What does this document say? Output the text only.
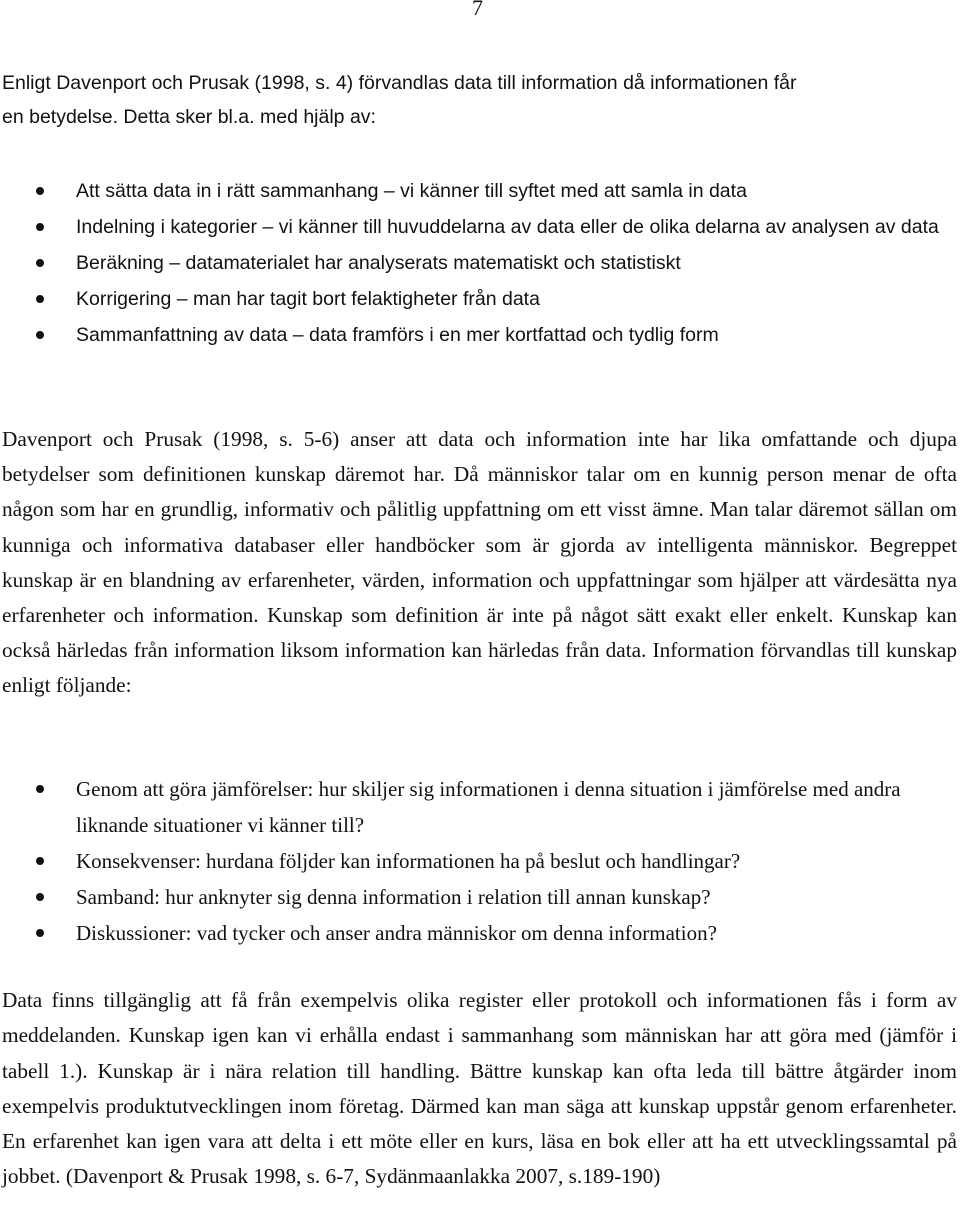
7
Enligt Davenport och Prusak (1998, s. 4) förvandlas data till information då informationen får
en betydelse. Detta sker bl.a. med hjälp av:
Att sätta data in i rätt sammanhang – vi känner till syftet med att samla in data
Indelning i kategorier – vi känner till huvuddelarna av data eller de olika delarna av analysen av data
Beräkning – datamaterialet har analyserats matematiskt och statistiskt
Korrigering – man har tagit bort felaktigheter från data
Sammanfattning av data – data framförs i en mer kortfattad och tydlig form

Davenport och Prusak (1998, s. 5-6) anser att data och information inte har lika omfattande och djupa betydelser som definitionen kunskap däremot har. Då människor talar om en kunnig person menar de ofta någon som har en grundlig, informativ och pålitlig uppfattning om ett visst ämne. Man talar däremot sällan om kunniga och informativa databaser eller handböcker som är gjorda av intelligenta människor. Begreppet kunskap är en blandning av erfarenheter, värden, information och uppfattningar som hjälper att värdesätta nya erfarenheter och information. Kunskap som definition är inte på något sätt exakt eller enkelt. Kunskap kan också härledas från information liksom information kan härledas från data. Information förvandlas till kunskap enligt följande:

Genom att göra jämförelser: hur skiljer sig informationen i denna situation i jämförelse med andra liknande situationer vi känner till?
Konsekvenser: hurdana följder kan informationen ha på beslut och handlingar?
Samband: hur anknyter sig denna information i relation till annan kunskap?
Diskussioner: vad tycker och anser andra människor om denna information?

Data finns tillgänglig att få från exempelvis olika register eller protokoll och informationen fås i form av meddelanden. Kunskap igen kan vi erhålla endast i sammanhang som människan har att göra med (jämför i tabell 1.). Kunskap är i nära relation till handling. Bättre kunskap kan ofta leda till bättre åtgärder inom exempelvis produktutvecklingen inom företag. Därmed kan man säga att kunskap uppstår genom erfarenheter. En erfarenhet kan igen vara att delta i ett möte eller en kurs, läsa en bok eller att ha ett utvecklingssamtal på jobbet. (Davenport & Prusak 1998, s. 6-7, Sydänmaanlakka 2007, s.189-190)
